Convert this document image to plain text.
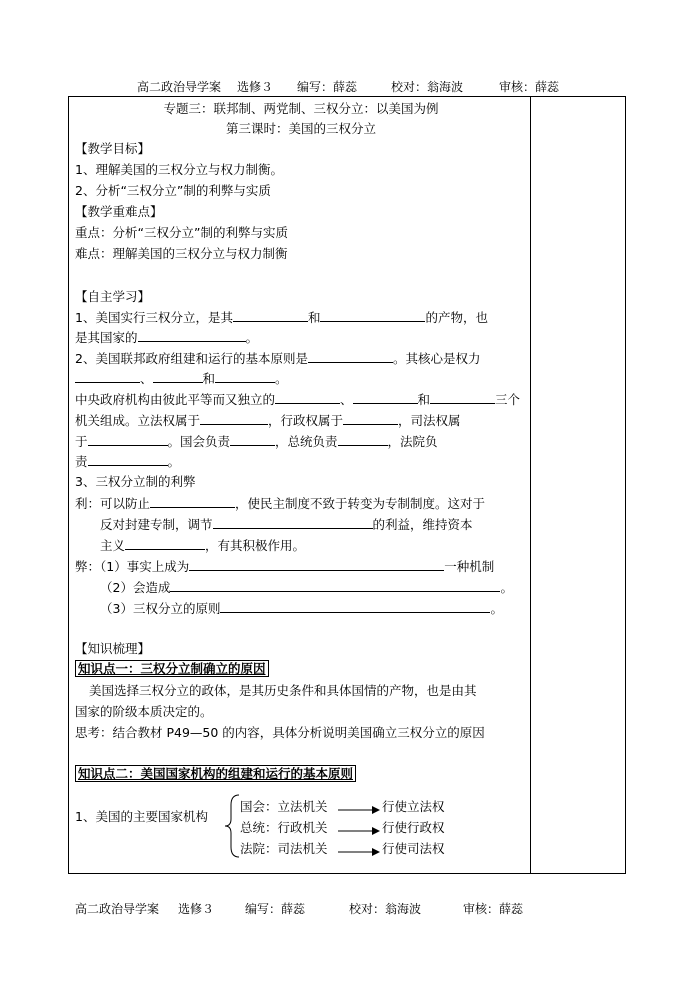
高二政治导学案 选修３ 编写：薛蕊	校对：翁海波	审核：薛蕊
专题三：联邦制、两党制、三权分立：以美国为例
第三课时：美国的三权分立
【教学目标】
1、理解美国的三权分立与权力制衡。
2、分析“三权分立”制的利弊与实质
【教学重难点】
重点：分析“三权分立”制的利弊与实质
难点：理解美国的三权分立与权力制衡
【自主学习】
1、美国实行三权分立，是其	和	的产物，也
是其国家的	。
2、美国联邦政府组建和运行的基本原则是	。其核心是权力
、	和	。
中央政府机构由彼此平等而又独立的	、	和	三个
机关组成。立法权属于	，行政权属于	，司法权属
于	。国会负责	，总统负责	，法院负
责	。
3、三权分立制的利弊
利：可以防止	，使民主制度不致于转变为专制制度。这对于
反对封建专制，调节	的利益，维持资本
主义	，有其积极作用。
弊：（1）事实上成为	一种机制
（2）会造成	。
（3）三权分立的原则	。
【知识梳理】
知识点一：三权分立制确立的原因
美国选择三权分立的政体，是其历史条件和具体国情的产物，也是由其
国家的阶级本质决定的。
思考：结合教材 P49—50 的内容，具体分析说明美国确立三权分立的原因
知识点二：美国国家机构的组建和运行的基本原则
1、美国的主要国家机构
国会：立法机关	行使立法权
总统：行政机关	行使行政权
法院：司法机关	行使司法权
高二政治导学案 选修３	编写：薛蕊	校对：翁海波	审核：薛蕊
